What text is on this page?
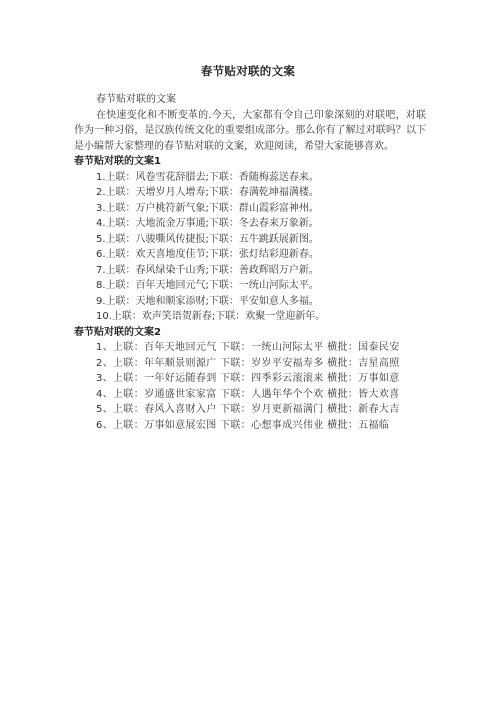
春节贴对联的文案

春节贴对联的文案

在快速变化和不断变革的.今天，大家都有令自己印象深刻的对联吧，对联作为一种习俗，是汉族传统文化的重要组成部分。那么你有了解过对联吗？以下是小编帮大家整理的春节贴对联的文案，欢迎阅读，希望大家能够喜欢。

春节贴对联的文案1

1.上联：风卷雪花辞腊去;下联：香随梅蕊送春来。

2.上联：天增岁月人增寿;下联：春满乾坤福满楼。

3.上联：万户桃符新气象;下联：群山霞彩富神州。

4.上联：大地流金万事通;下联：冬去春来万象新。

5.上联：八骏嘶风传捷报;下联：五牛跳跃展新图。

6.上联：欢天喜地度佳节;下联：张灯结彩迎新春。

7.上联：春风绿染千山秀;下联：善政辉昭万户新。

8.上联：百年天地回元气;下联：一统山河际太平。

9.上联：天地和顺家添财;下联：平安如意人多福。

10.上联：欢声笑语贺新春;下联：欢聚一堂迎新年。

春节贴对联的文案2

1、上联：百年天地回元气 下联：一统山河际太平 横批：国泰民安

2、上联：年年顺景则源广 下联：岁岁平安福寿多 横批：吉星高照

3、上联：一年好运随春到 下联：四季彩云滚滚来 横批：万事如意

4、上联：岁通盛世家家富 下联：人遇年华个个欢 横批：皆大欢喜

5、上联：春风入喜财入户 下联：岁月更新福满门 横批：新春大吉

6、上联：万事如意展宏图 下联：心想事成兴伟业 横批：五福临
